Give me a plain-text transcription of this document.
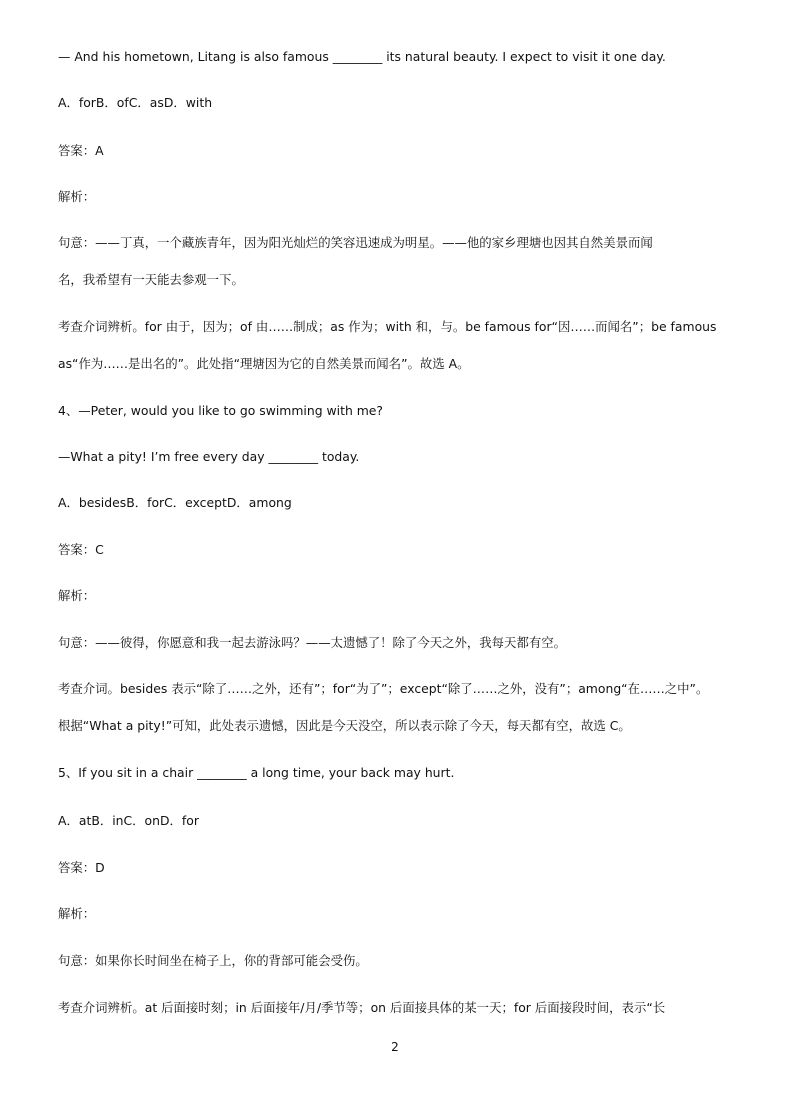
— And his hometown, Litang is also famous ________ its natural beauty. I expect to visit it one day.
A．forB．ofC．asD．with
答案：A
解析：
句意：——丁真，一个藏族青年，因为阳光灿烂的笑容迅速成为明星。——他的家乡理塘也因其自然美景而闻
名，我希望有一天能去参观一下。
考查介词辨析。for 由于，因为；of 由……制成；as 作为；with 和，与。be famous for“因……而闻名”；be famous
as“作为……是出名的”。此处指“理塘因为它的自然美景而闻名”。故选 A。
4、—Peter, would you like to go swimming with me?
—What a pity! I’m free every day ________ today.
A．besidesB．forC．exceptD．among
答案：C
解析：
句意：——彼得，你愿意和我一起去游泳吗？——太遗憾了！除了今天之外，我每天都有空。
考查介词。besides 表示“除了……之外，还有”；for“为了”；except“除了……之外，没有”；among“在……之中”。
根据“What a pity!”可知，此处表示遗憾，因此是今天没空，所以表示除了今天，每天都有空，故选 C。
5、If you sit in a chair ________ a long time, your back may hurt.
A．atB．inC．onD．for
答案：D
解析：
句意：如果你长时间坐在椅子上，你的背部可能会受伤。
考查介词辨析。at 后面接时刻；in 后面接年/月/季节等；on 后面接具体的某一天；for 后面接段时间，表示“长
2
